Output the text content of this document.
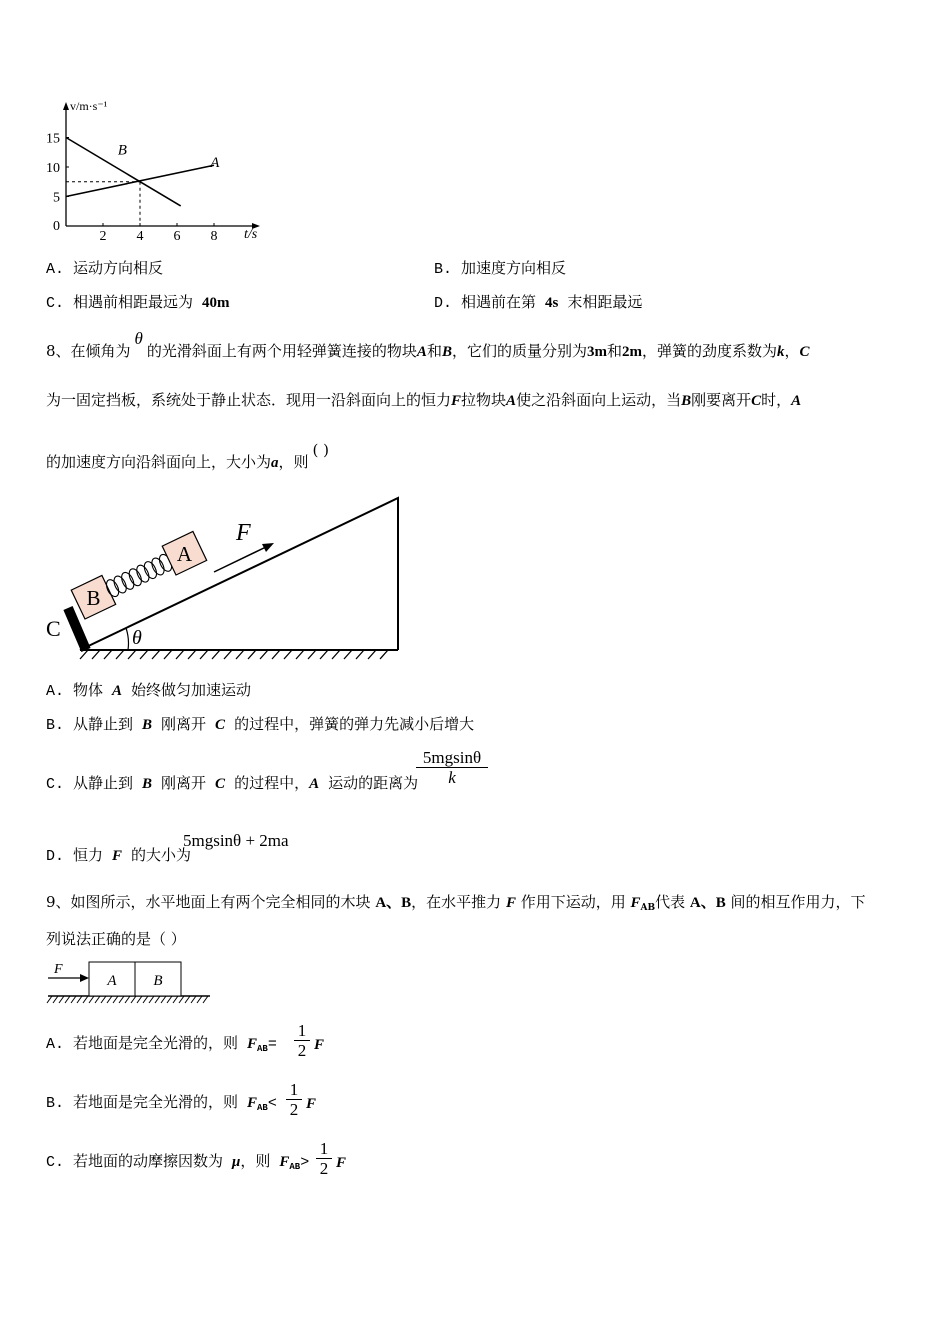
v/m·s⁻¹
t/s
2 4 6 8
15
10
5
0
B
A
A. 运动方向相反	B. 加速度方向相反
C. 相遇前相距最远为 40m	D. 相遇前在第 4s 末相距最远
8、在倾角为θ的光滑斜面上有两个用轻弹簧连接的物块A和B，它们的质量分别为3m和2m，弹簧的劲度系数为k，C
为一固定挡板，系统处于静止状态．现用一沿斜面向上的恒力F拉物块A使之沿斜面向上运动，当B刚要离开C时，A
的加速度方向沿斜面向上，大小为a，则( )
θ
C
B
A
F
A. 物体 A 始终做匀加速运动
B. 从静止到 B 刚离开 C 的过程中，弹簧的弹力先减小后增大
C. 从静止到 B 刚离开 C 的过程中，A 运动的距离为
5mgsinθ
k
D. 恒力 F 的大小为
5mgsinθ + 2ma
9、如图所示，水平地面上有两个完全相同的木块 A、B，在水平推力 F 作用下运动，用 $F_{AB}$代表 A、B 间的相互作用力，下
列说法正确的是（ ）
A B
F
A. 若地面是完全光滑的，则 $F_{AB}=$
1
2 F
B. 若地面是完全光滑的，则 $F_{AB}<$
1
2 F
C. 若地面的动摩擦因数为 μ，则 $F_{AB}>$
1
2 F
